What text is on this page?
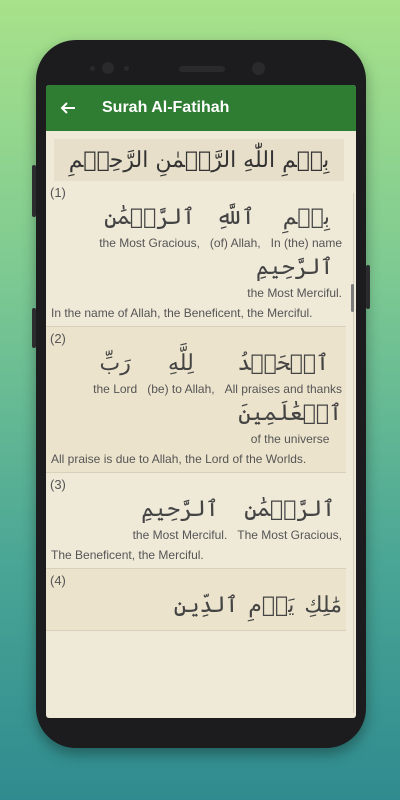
Surah Al-Fatihah
بِسۡمِ اللّٰهِ الرَّحۡمٰنِ الرَّحِيۡمِ
(1)
بِسۡمِ
In (the) name
ٱللَّهِ
(of) Allah,
ٱلرَّحۡمَٰنِ
the Most Gracious,
ٱلرَّحِيمِ
the Most Merciful.
In the name of Allah, the Beneficent, the Merciful.
(2)
ٱلۡحَمۡدُ
All praises and thanks
لِلَّهِ
(be) to Allah,
رَبِّ
the Lord
ٱلۡعَٰلَمِينَ
of the universe
All praise is due to Allah, the Lord of the Worlds.
(3)
ٱلرَّحۡمَٰنِ
The Most Gracious,
ٱلرَّحِيمِ
the Most Merciful.
The Beneficent, the Merciful.
(4)
مَٰلِكِ
يَوۡمِ
ٱلدِّينِ
